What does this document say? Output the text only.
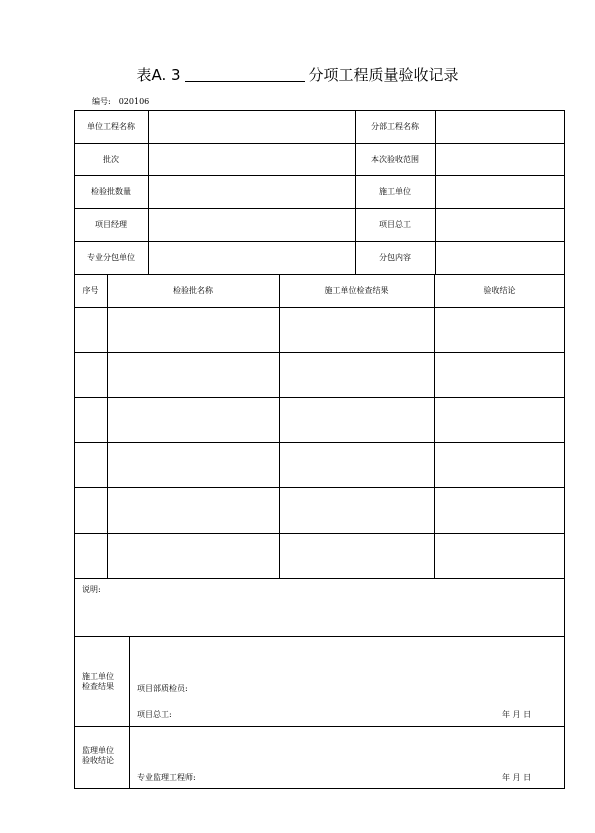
表A. 3	分项工程质量验收记录
编号: 020106
单位工程名称	分部工程名称
批次	本次验收范围
检验批数量	施工单位
项目经理	项目总工
专业分包单位	分包内容
序号	检验批名称	施工单位检查结果	验收结论
说明:
施工单位
检查结果	项目部质检员:
项目总工:	年 月 日
监理单位
验收结论
专业监理工程师:	年 月 日
